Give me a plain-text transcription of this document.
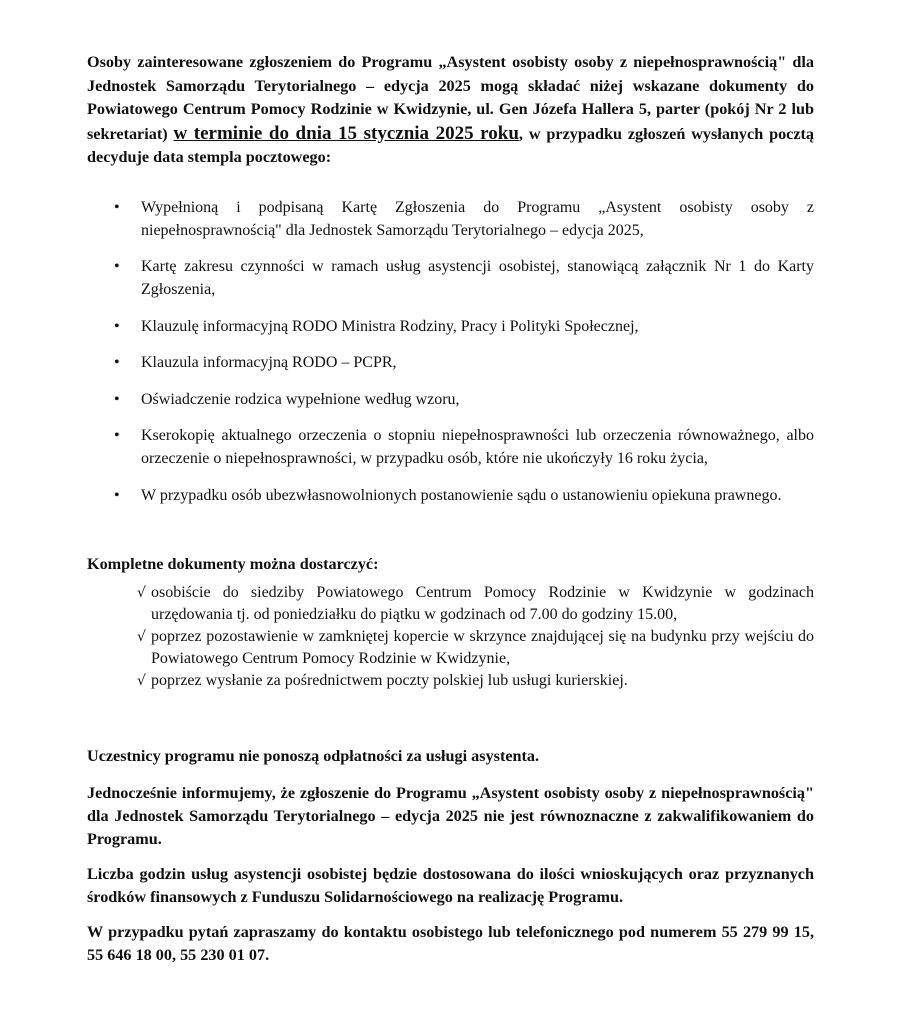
Osoby zainteresowane zgłoszeniem do Programu „Asystent osobisty osoby z niepełnosprawnością" dla Jednostek Samorządu Terytorialnego – edycja 2025 mogą składać niżej wskazane dokumenty do Powiatowego Centrum Pomocy Rodzinie w Kwidzynie, ul. Gen Józefa Hallera 5, parter (pokój Nr 2 lub sekretariat) w terminie do dnia 15 stycznia 2025 roku, w przypadku zgłoszeń wysłanych pocztą decyduje data stempla pocztowego:

• Wypełnioną i podpisaną Kartę Zgłoszenia do Programu „Asystent osobisty osoby z niepełnosprawnością" dla Jednostek Samorządu Terytorialnego – edycja 2025,
• Kartę zakresu czynności w ramach usług asystencji osobistej, stanowiącą załącznik Nr 1 do Karty Zgłoszenia,
• Klauzulę informacyjną RODO Ministra Rodziny, Pracy i Polityki Społecznej,
• Klauzula informacyjną RODO – PCPR,
• Oświadczenie rodzica wypełnione według wzoru,
• Kserokopię aktualnego orzeczenia o stopniu niepełnosprawności lub orzeczenia równoważnego, albo orzeczenie o niepełnosprawności, w przypadku osób, które nie ukończyły 16 roku życia,
• W przypadku osób ubezwłasnowolnionych postanowienie sądu o ustanowieniu opiekuna prawnego.

Kompletne dokumenty można dostarczyć:

√ osobiście do siedziby Powiatowego Centrum Pomocy Rodzinie w Kwidzynie w godzinach urzędowania tj. od poniedziałku do piątku w godzinach od 7.00 do godziny 15.00,
√ poprzez pozostawienie w zamkniętej kopercie w skrzynce znajdującej się na budynku przy wejściu do Powiatowego Centrum Pomocy Rodzinie w Kwidzynie,
√ poprzez wysłanie za pośrednictwem poczty polskiej lub usługi kurierskiej.

Uczestnicy programu nie ponoszą odpłatności za usługi asystenta.

Jednocześnie informujemy, że zgłoszenie do Programu „Asystent osobisty osoby z niepełnosprawnością" dla Jednostek Samorządu Terytorialnego – edycja 2025 nie jest równoznaczne z zakwalifikowaniem do Programu.

Liczba godzin usług asystencji osobistej będzie dostosowana do ilości wnioskujących oraz przyznanych środków finansowych z Funduszu Solidarnościowego na realizację Programu.

W przypadku pytań zapraszamy do kontaktu osobistego lub telefonicznego pod numerem 55 279 99 15, 55 646 18 00, 55 230 01 07.
